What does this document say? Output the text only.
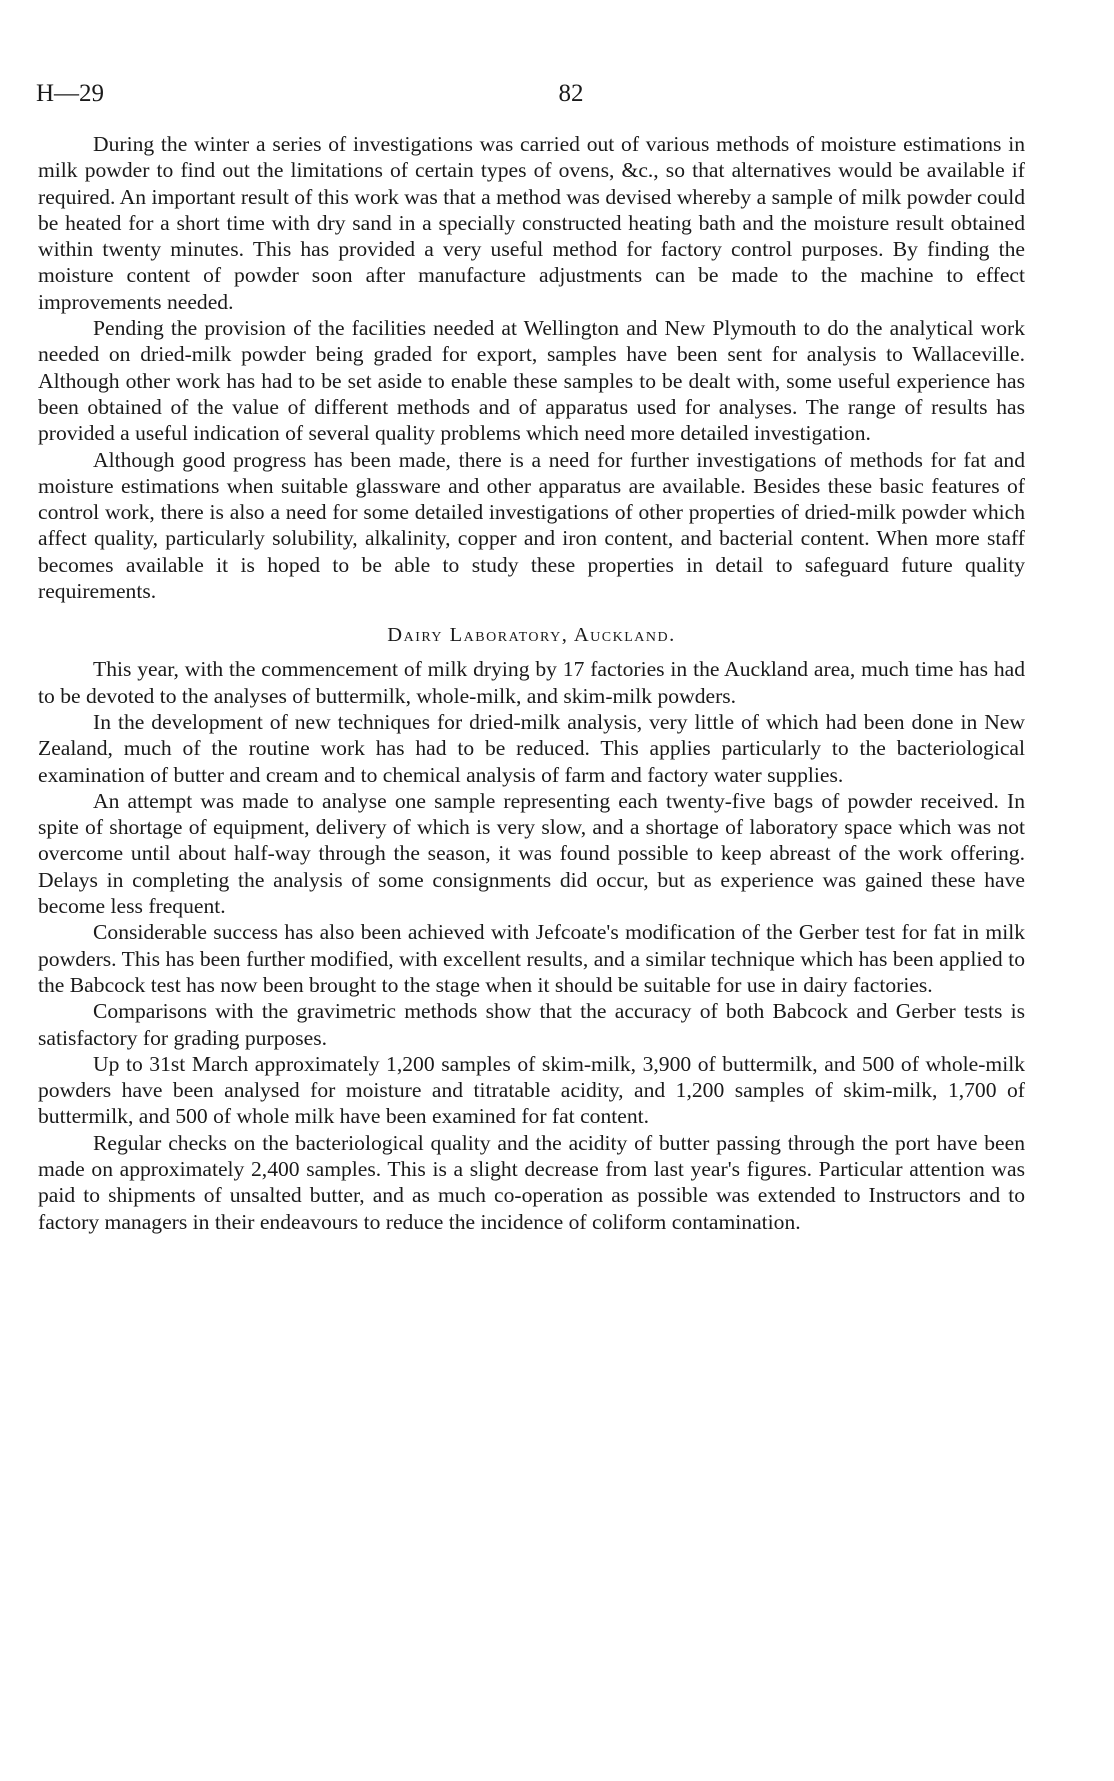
H—29	82

During the winter a series of investigations was carried out of various methods of moisture estimations in milk powder to find out the limitations of certain types of ovens, &c., so that alternatives would be available if required. An important result of this work was that a method was devised whereby a sample of milk powder could be heated for a short time with dry sand in a specially constructed heating bath and the moisture result obtained within twenty minutes. This has provided a very useful method for factory control purposes. By finding the moisture content of powder soon after manufacture adjustments can be made to the machine to effect improvements needed.

Pending the provision of the facilities needed at Wellington and New Plymouth to do the analytical work needed on dried-milk powder being graded for export, samples have been sent for analysis to Wallaceville. Although other work has had to be set aside to enable these samples to be dealt with, some useful experience has been obtained of the value of different methods and of apparatus used for analyses. The range of results has provided a useful indication of several quality problems which need more detailed investigation.

Although good progress has been made, there is a need for further investigations of methods for fat and moisture estimations when suitable glassware and other apparatus are available. Besides these basic features of control work, there is also a need for some detailed investigations of other properties of dried-milk powder which affect quality, particularly solubility, alkalinity, copper and iron content, and bacterial content. When more staff becomes available it is hoped to be able to study these properties in detail to safeguard future quality requirements.

Dairy Laboratory, Auckland.

This year, with the commencement of milk drying by 17 factories in the Auckland area, much time has had to be devoted to the analyses of buttermilk, whole-milk, and skim-milk powders.

In the development of new techniques for dried-milk analysis, very little of which had been done in New Zealand, much of the routine work has had to be reduced. This applies particularly to the bacteriological examination of butter and cream and to chemical analysis of farm and factory water supplies.

An attempt was made to analyse one sample representing each twenty-five bags of powder received. In spite of shortage of equipment, delivery of which is very slow, and a shortage of laboratory space which was not overcome until about half-way through the season, it was found possible to keep abreast of the work offering. Delays in completing the analysis of some consignments did occur, but as experience was gained these have become less frequent.

Considerable success has also been achieved with Jefcoate's modification of the Gerber test for fat in milk powders. This has been further modified, with excellent results, and a similar technique which has been applied to the Babcock test has now been brought to the stage when it should be suitable for use in dairy factories.

Comparisons with the gravimetric methods show that the accuracy of both Babcock and Gerber tests is satisfactory for grading purposes.

Up to 31st March approximately 1,200 samples of skim-milk, 3,900 of buttermilk, and 500 of whole-milk powders have been analysed for moisture and titratable acidity, and 1,200 samples of skim-milk, 1,700 of buttermilk, and 500 of whole milk have been examined for fat content.

Regular checks on the bacteriological quality and the acidity of butter passing through the port have been made on approximately 2,400 samples. This is a slight decrease from last year's figures. Particular attention was paid to shipments of unsalted butter, and as much co-operation as possible was extended to Instructors and to factory managers in their endeavours to reduce the incidence of coliform contamination.
